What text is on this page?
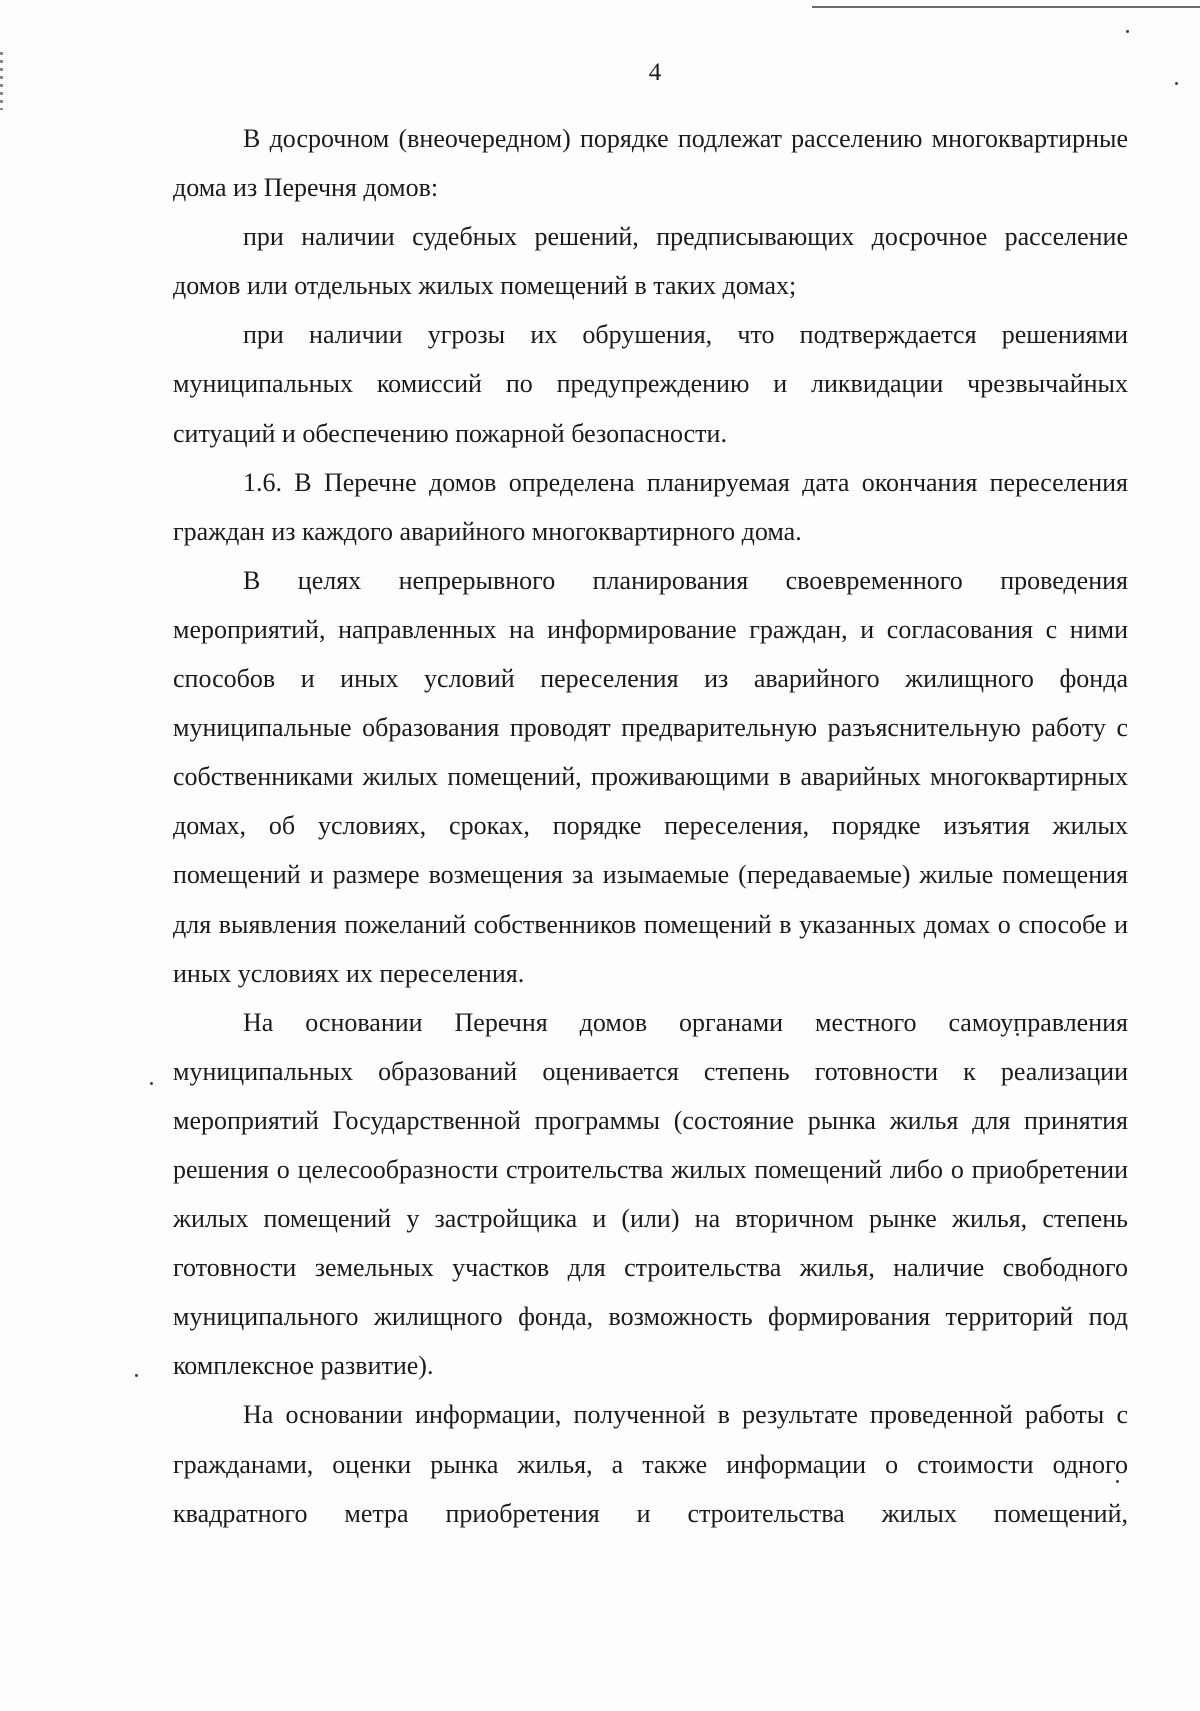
4

В досрочном (внеочередном) порядке подлежат расселению многоквартирные дома из Перечня домов:

при наличии судебных решений, предписывающих досрочное расселение домов или отдельных жилых помещений в таких домах;

при наличии угрозы их обрушения, что подтверждается решениями муниципальных комиссий по предупреждению и ликвидации чрезвычайных ситуаций и обеспечению пожарной безопасности.

1.6. В Перечне домов определена планируемая дата окончания переселения граждан из каждого аварийного многоквартирного дома.

В целях непрерывного планирования своевременного проведения мероприятий, направленных на информирование граждан, и согласования с ними способов и иных условий переселения из аварийного жилищного фонда муниципальные образования проводят предварительную разъяснительную работу с собственниками жилых помещений, проживающими в аварийных многоквартирных домах, об условиях, сроках, порядке переселения, порядке изъятия жилых помещений и размере возмещения за изымаемые (передаваемые) жилые помещения для выявления пожеланий собственников помещений в указанных домах о способе и иных условиях их переселения.

На основании Перечня домов органами местного самоуправления муниципальных образований оценивается степень готовности к реализации мероприятий Государственной программы (состояние рынка жилья для принятия решения о целесообразности строительства жилых помещений либо о приобретении жилых помещений у застройщика и (или) на вторичном рынке жилья, степень готовности земельных участков для строительства жилья, наличие свободного муниципального жилищного фонда, возможность формирования территорий под комплексное развитие).

На основании информации, полученной в результате проведенной работы с гражданами, оценки рынка жилья, а также информации о стоимости одного квадратного метра приобретения и строительства жилых помещений,
